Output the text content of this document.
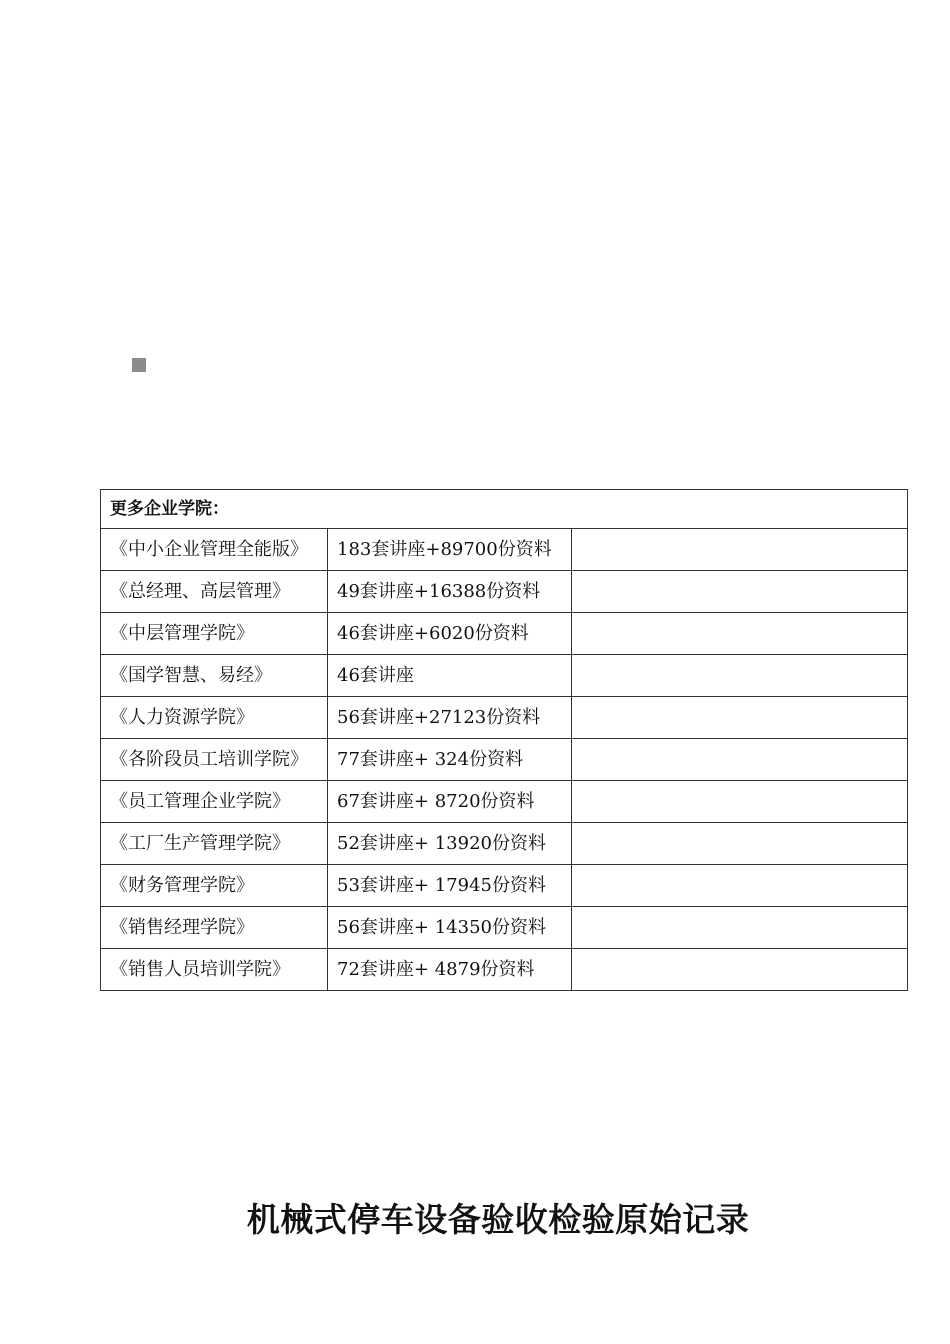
更多企业学院：		
《中小企业管理全能版》	183套讲座+89700份资料	
《总经理、高层管理》	49套讲座+16388份资料	
《中层管理学院》	46套讲座+6020份资料	
《国学智慧、易经》	46套讲座	
《人力资源学院》	56套讲座+27123份资料	
《各阶段员工培训学院》	77套讲座+ 324份资料	
《员工管理企业学院》	67套讲座+ 8720份资料	
《工厂生产管理学院》	52套讲座+ 13920份资料	
《财务管理学院》	53套讲座+ 17945份资料	
《销售经理学院》	56套讲座+ 14350份资料	
《销售人员培训学院》	72套讲座+ 4879份资料	
机械式停车设备验收检验原始记录
